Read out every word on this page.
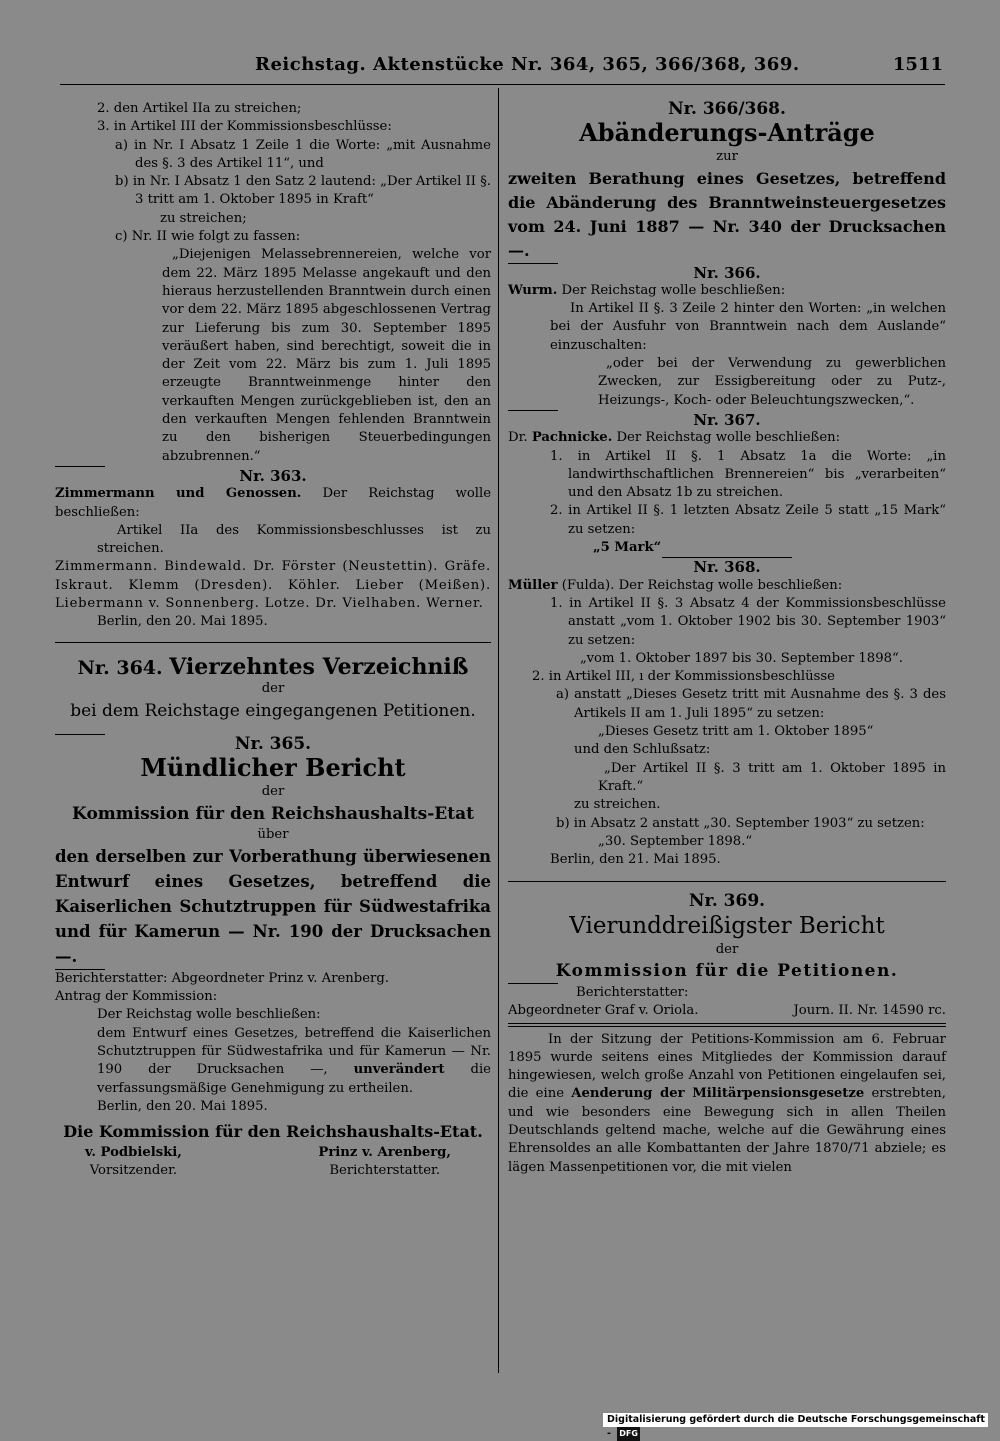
Reichstag. Aktenstücke Nr. 364, 365, 366/368, 369.	1511
2. den Artikel IIa zu streichen;
3. in Artikel III der Kommissionsbeschlüsse:
a) in Nr. I Absatz 1 Zeile 1 die Worte: „mit Ausnahme des §. 3 des Artikel 11“, und
b) in Nr. I Absatz 1 den Satz 2 lautend: „Der Artikel II §. 3 tritt am 1. Oktober 1895 in Kraft“
zu streichen;
c) Nr. II wie folgt zu fassen:
„Diejenigen Melassebrennereien, welche vor dem 22. März 1895 Melasse angekauft und den hieraus herzustellenden Branntwein durch einen vor dem 22. März 1895 abgeschlossenen Vertrag zur Lieferung bis zum 30. September 1895 veräußert haben, sind berechtigt, soweit die in der Zeit vom 22. März bis zum 1. Juli 1895 erzeugte Branntweinmenge hinter den verkauften Mengen zurückgeblieben ist, den an den verkauften Mengen fehlenden Branntwein zu den bisherigen Steuerbedingungen abzubrennen.“
Nr. 363.
Zimmermann und Genossen. Der Reichstag wolle beschließen:
Artikel IIa des Kommissionsbeschlusses ist zu streichen.
Zimmermann. Bindewald. Dr. Förster (Neustettin). Gräfe. Iskraut. Klemm (Dresden). Köhler. Lieber (Meißen). Liebermann v. Sonnenberg. Lotze. Dr. Vielhaben. Werner.
Berlin, den 20. Mai 1895.
Nr. 364. Vierzehntes Verzeichniß
der
bei dem Reichstage eingegangenen Petitionen.
Nr. 365.
Mündlicher Bericht
der
Kommission für den Reichshaushalts-Etat
über
den derselben zur Vorberathung überwiesenen Entwurf eines Gesetzes, betreffend die Kaiserlichen Schutztruppen für Südwestafrika und für Kamerun — Nr. 190 der Drucksachen —.
Berichterstatter: Abgeordneter Prinz v. Arenberg.
Antrag der Kommission:
Der Reichstag wolle beschließen:
dem Entwurf eines Gesetzes, betreffend die Kaiserlichen Schutztruppen für Südwestafrika und für Kamerun — Nr. 190 der Drucksachen —, unverändert die verfassungsmäßige Genehmigung zu ertheilen.
Berlin, den 20. Mai 1895.
Die Kommission für den Reichshaushalts-Etat.
v. Podbielski,
Vorsitzender.
Prinz v. Arenberg,
Berichterstatter.
Nr. 366/368.
Abänderungs-Anträge
zur
zweiten Berathung eines Gesetzes, betreffend die Abänderung des Branntweinsteuergesetzes vom 24. Juni 1887 — Nr. 340 der Drucksachen —.
Nr. 366.
Wurm. Der Reichstag wolle beschließen:
In Artikel II §. 3 Zeile 2 hinter den Worten: „in welchen bei der Ausfuhr von Branntwein nach dem Auslande“ einzuschalten:
„oder bei der Verwendung zu gewerblichen Zwecken, zur Essigbereitung oder zu Putz-, Heizungs-, Koch- oder Beleuchtungszwecken,“.
Nr. 367.
Dr. Pachnicke. Der Reichstag wolle beschließen:
1. in Artikel II §. 1 Absatz 1a die Worte: „in landwirthschaftlichen Brennereien“ bis „verarbeiten“ und den Absatz 1b zu streichen.
2. in Artikel II §. 1 letzten Absatz Zeile 5 statt „15 Mark“ zu setzen:
„5 Mark“
Nr. 368.
Müller (Fulda). Der Reichstag wolle beschließen:
1. in Artikel II §. 3 Absatz 4 der Kommissionsbeschlüsse anstatt „vom 1. Oktober 1902 bis 30. September 1903“ zu setzen:
„vom 1. Oktober 1897 bis 30. September 1898“.
2. in Artikel III, ı der Kommissionsbeschlüsse
a) anstatt „Dieses Gesetz tritt mit Ausnahme des §. 3 des Artikels II am 1. Juli 1895“ zu setzen:
„Dieses Gesetz tritt am 1. Oktober 1895“
und den Schlußsatz:
„Der Artikel II §. 3 tritt am 1. Oktober 1895 in Kraft.“
zu streichen.
b) in Absatz 2 anstatt „30. September 1903“ zu setzen:
„30. September 1898.“
Berlin, den 21. Mai 1895.
Nr. 369.
Vierunddreißigster Bericht
der
Kommission für die Petitionen.
Berichterstatter:
Abgeordneter Graf v. Oriola.	Journ. II. Nr. 14590 rc.
In der Sitzung der Petitions-Kommission am 6. Februar 1895 wurde seitens eines Mitgliedes der Kommission darauf hingewiesen, welch große Anzahl von Petitionen eingelaufen sei, die eine Aenderung der Militärpensionsgesetze erstrebten, und wie besonders eine Bewegung sich in allen Theilen Deutschlands geltend mache, welche auf die Gewährung eines Ehrensoldes an alle Kombattanten der Jahre 1870/71 abziele; es lägen Massenpetitionen vor, die mit vielen
Digitalisierung gefördert durch die Deutsche Forschungsgemeinschaft - DFG
